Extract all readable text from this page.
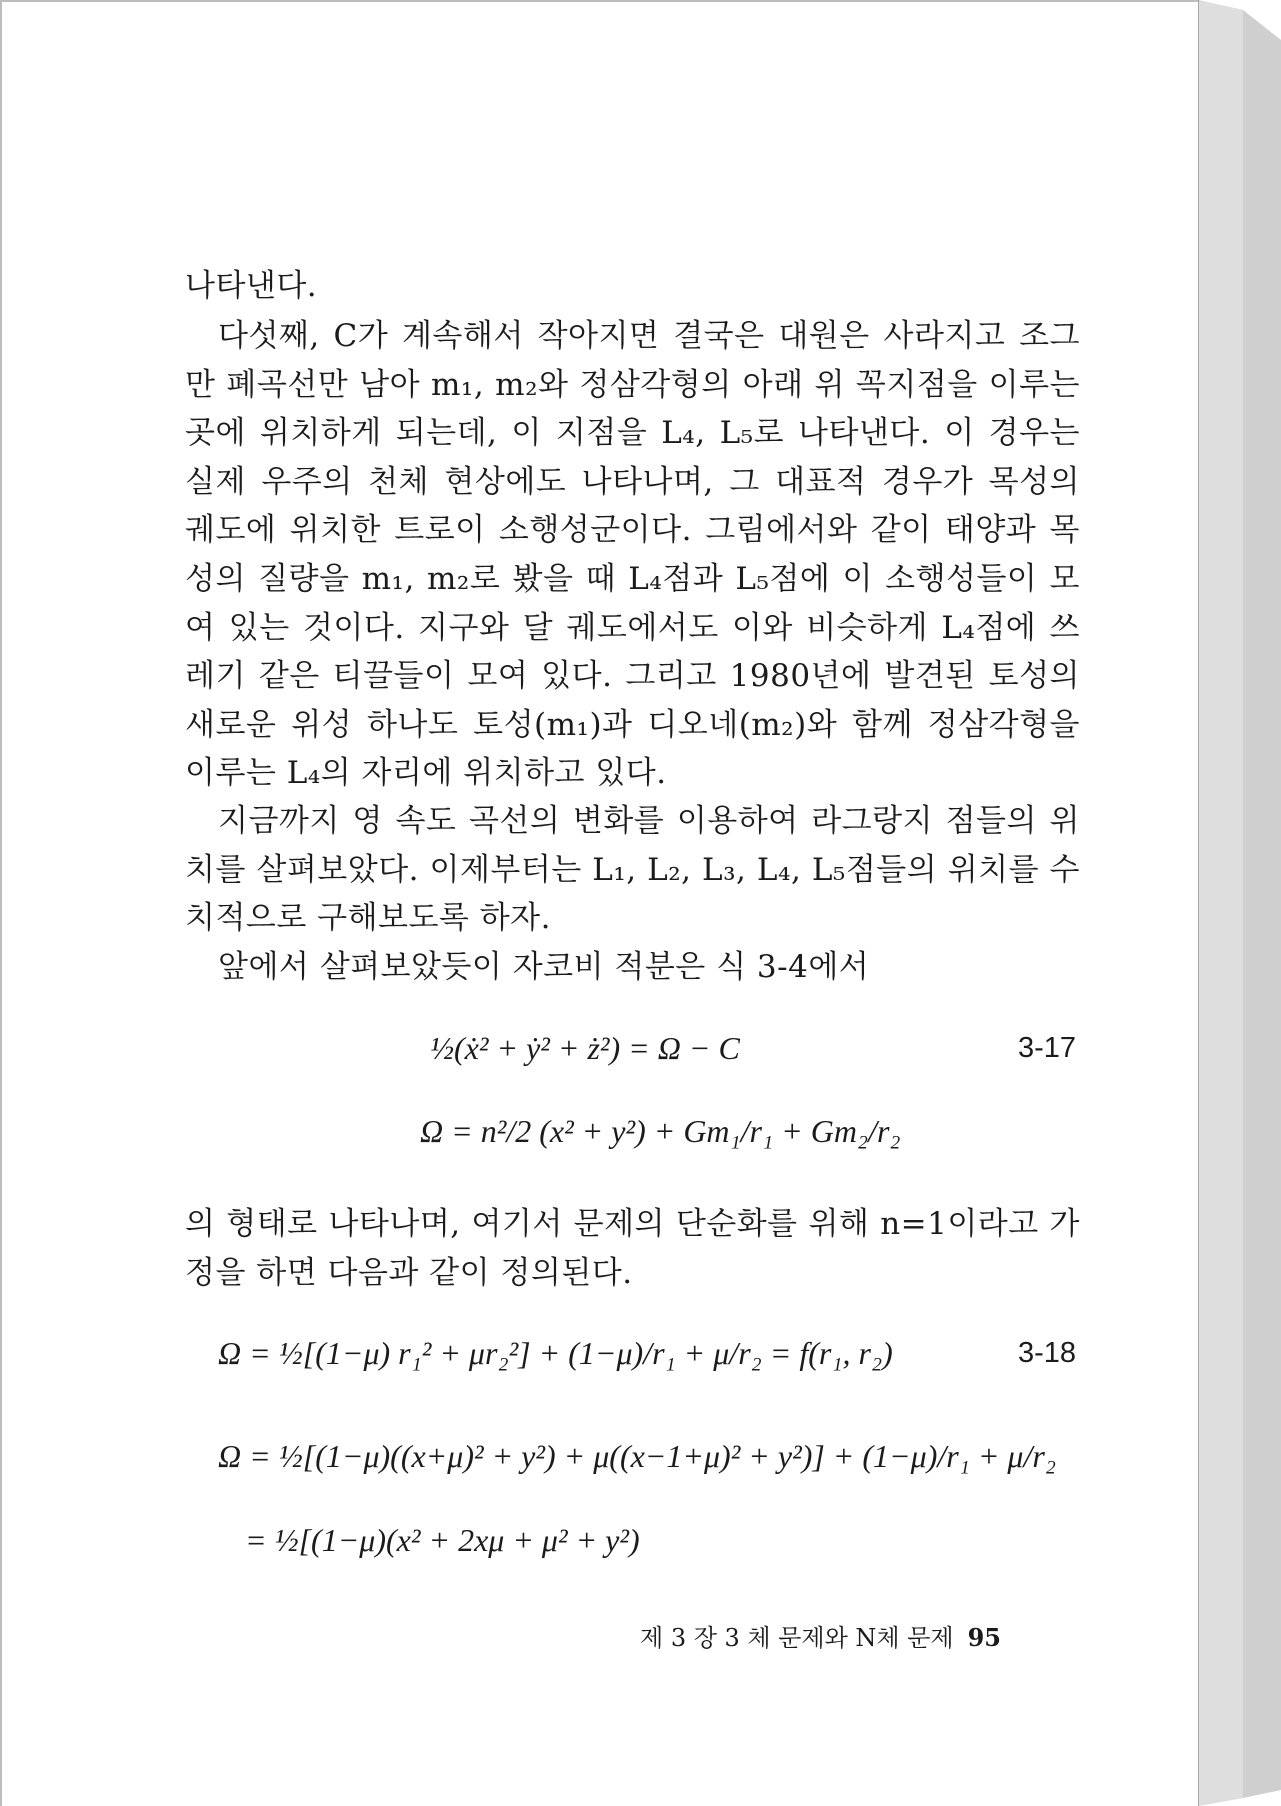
나타낸다.

다섯째, C가 계속해서 작아지면 결국은 대원은 사라지고 조그만 폐곡선만 남아 m₁, m₂와 정삼각형의 아래 위 꼭지점을 이루는 곳에 위치하게 되는데, 이 지점을 L₄, L₅로 나타낸다. 이 경우는 실제 우주의 천체 현상에도 나타나며, 그 대표적 경우가 목성의 궤도에 위치한 트로이 소행성군이다. 그림에서와 같이 태양과 목성의 질량을 m₁, m₂로 봤을 때 L₄점과 L₅점에 이 소행성들이 모여 있는 것이다. 지구와 달 궤도에서도 이와 비슷하게 L₄점에 쓰레기 같은 티끌들이 모여 있다. 그리고 1980년에 발견된 토성의 새로운 위성 하나도 토성(m₁)과 디오네(m₂)와 함께 정삼각형을 이루는 L₄의 자리에 위치하고 있다.

지금까지 영 속도 곡선의 변화를 이용하여 라그랑지 점들의 위치를 살펴보았다. 이제부터는 L₁, L₂, L₃, L₄, L₅점들의 위치를 수치적으로 구해보도록 하자.

앞에서 살펴보았듯이 자코비 적분은 식 3-4에서

½(ẋ² + ẏ² + ż²) = Ω − C	3-17
Ω = n²/2 (x² + y²) + Gm₁/r₁ + Gm₂/r₂

의 형태로 나타나며, 여기서 문제의 단순화를 위해 n=1이라고 가정을 하면 다음과 같이 정의된다.

Ω = ½[(1−μ) r₁² + μr₂²] + (1−μ)/r₁ + μ/r₂ = f(r₁, r₂)	3-18
Ω = ½[(1−μ)((x+μ)² + y²) + μ((x−1+μ)² + y²)] + (1−μ)/r₁ + μ/r₂
= ½[(1−μ)(x² + 2xμ + μ² + y²)
제 3 장 3 체 문제와 N체 문제 95
